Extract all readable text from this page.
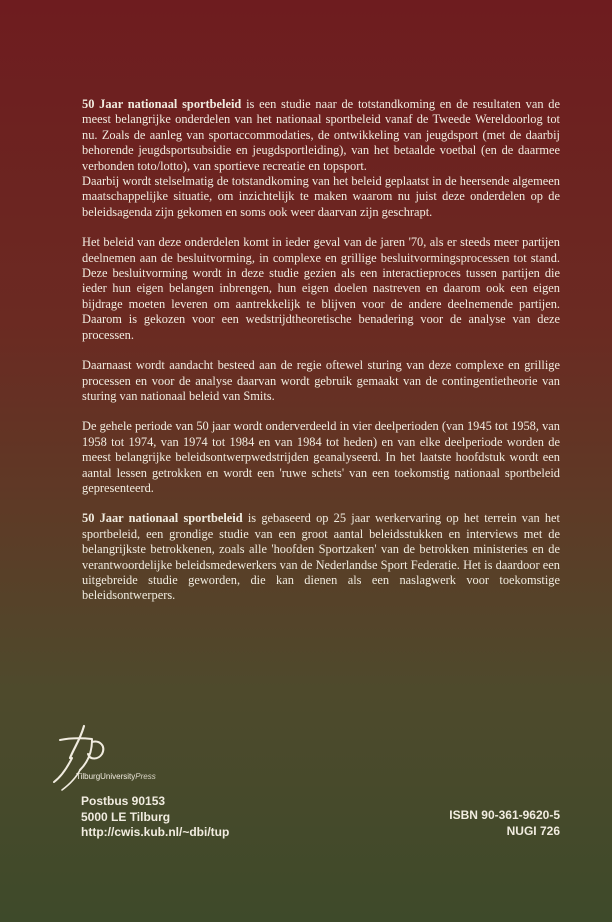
50 Jaar nationaal sportbeleid is een studie naar de totstandkoming en de resultaten van de meest belangrijke onderdelen van het nationaal sportbeleid vanaf de Tweede Wereldoorlog tot nu. Zoals de aanleg van sportaccommodaties, de ontwikkeling van jeugdsport (met de daarbij behorende jeugdsportsubsidie en jeugdsportleiding), van het betaalde voetbal (en de daarmee verbonden toto/lotto), van sportieve recreatie en topsport.

Daarbij wordt stelselmatig de totstandkoming van het beleid geplaatst in de heersende algemeen maatschappelijke situatie, om inzichtelijk te maken waarom nu juist deze onderdelen op de beleidsagenda zijn gekomen en soms ook weer daarvan zijn geschrapt.

Het beleid van deze onderdelen komt in ieder geval van de jaren '70, als er steeds meer partijen deelnemen aan de besluitvorming, in complexe en grillige besluitvormingsprocessen tot stand. Deze besluitvorming wordt in deze studie gezien als een interactieproces tussen partijen die ieder hun eigen belangen inbrengen, hun eigen doelen nastreven en daarom ook een eigen bijdrage moeten leveren om aantrekkelijk te blijven voor de andere deelnemende partijen. Daarom is gekozen voor een wedstrijdtheoretische benadering voor de analyse van deze processen.

Daarnaast wordt aandacht besteed aan de regie oftewel sturing van deze complexe en grillige processen en voor de analyse daarvan wordt gebruik gemaakt van de contingentietheorie van sturing van nationaal beleid van Smits.

De gehele periode van 50 jaar wordt onderverdeeld in vier deelperioden (van 1945 tot 1958, van 1958 tot 1974, van 1974 tot 1984 en van 1984 tot heden) en van elke deelperiode worden de meest belangrijke beleidsontwerpwedstrijden geanalyseerd. In het laatste hoofdstuk wordt een aantal lessen getrokken en wordt een 'ruwe schets' van een toekomstig nationaal sportbeleid gepresenteerd.

50 Jaar nationaal sportbeleid is gebaseerd op 25 jaar werkervaring op het terrein van het sportbeleid, een grondige studie van een groot aantal beleidsstukken en interviews met de belangrijkste betrokkenen, zoals alle 'hoofden Sportzaken' van de betrokken ministeries en de verantwoordelijke beleidsmedewerkers van de Nederlandse Sport Federatie. Het is daardoor een uitgebreide studie geworden, die kan dienen als een naslagwerk voor toekomstige beleidsontwerpers.

TilburgUniversityPress
Postbus 90153
5000 LE Tilburg
http://cwis.kub.nl/~dbi/tup
ISBN 90-361-9620-5
NUGI 726
